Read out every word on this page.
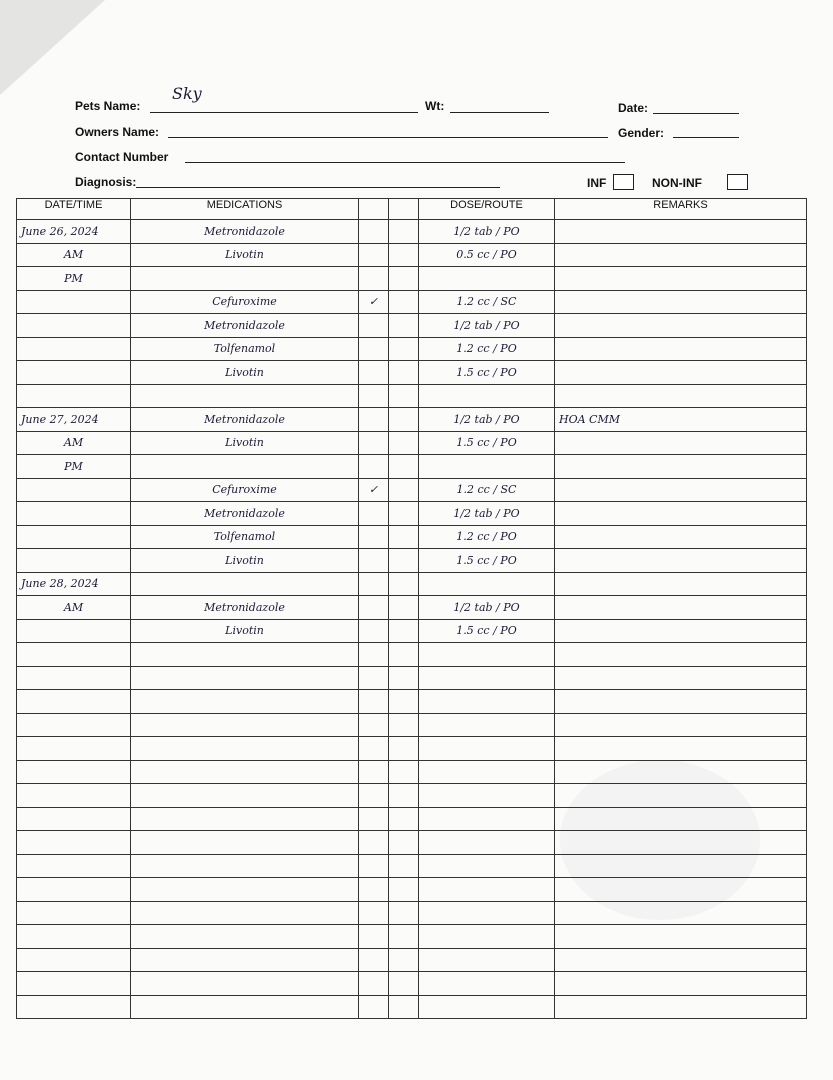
Pets Name:
Sky
Wt:	Date:
Owners Name:	Gender:
Contact Number
Diagnosis:	INF	NON-INF
DATE/TIME	MEDICATIONS			DOSE/ROUTE	REMARKS
June 26, 2024	Metronidazole			1/2 tab / PO	
AM	Livotin			0.5 cc / PO	
PM					
	Cefuroxime	✓		1.2 cc / SC	
	Metronidazole			1/2 tab / PO	
	Tolfenamol			1.2 cc / PO	
	Livotin			1.5 cc / PO	

June 27, 2024	Metronidazole			1/2 tab / PO	HOA CMM
AM	Livotin			1.5 cc / PO	
PM					
	Cefuroxime	✓		1.2 cc / SC	
	Metronidazole			1/2 tab / PO	
	Tolfenamol			1.2 cc / PO	
	Livotin			1.5 cc / PO	
June 28, 2024					
AM	Metronidazole			1/2 tab / PO	
	Livotin			1.5 cc / PO	
